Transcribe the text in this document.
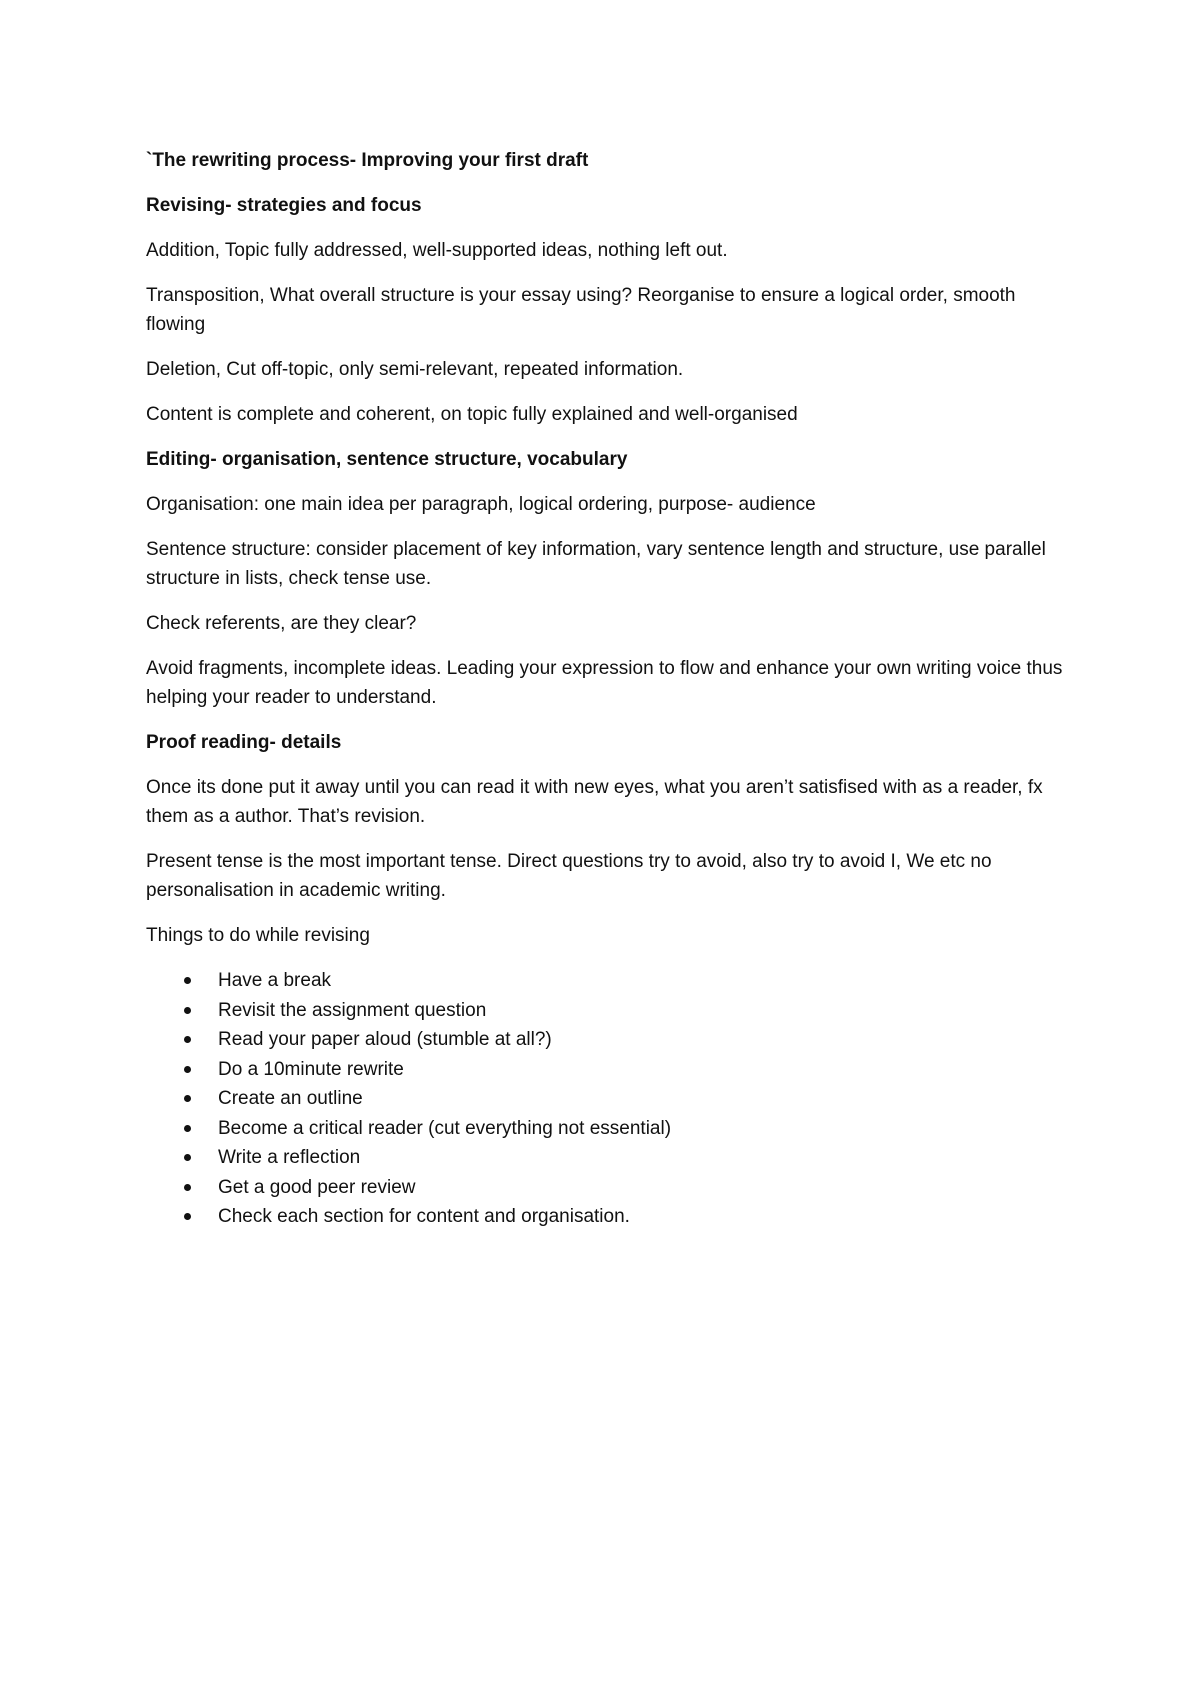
`The rewriting process- Improving your first draft
Revising- strategies and focus
Addition, Topic fully addressed, well-supported ideas, nothing left out.
Transposition, What overall structure is your essay using? Reorganise to ensure a logical order, smooth flowing
Deletion, Cut off-topic, only semi-relevant, repeated information.
Content is complete and coherent, on topic fully explained and well-organised
Editing- organisation, sentence structure, vocabulary
Organisation: one main idea per paragraph, logical ordering, purpose- audience
Sentence structure: consider placement of key information, vary sentence length and structure, use parallel structure in lists, check tense use.
Check referents, are they clear?
Avoid fragments, incomplete ideas. Leading your expression to flow and enhance your own writing voice thus helping your reader to understand.
Proof reading- details
Once its done put it away until you can read it with new eyes, what you aren’t satisfised with as a reader, fx them as a author. That’s revision.
Present tense is the most important tense. Direct questions try to avoid, also try to avoid I, We etc no personalisation in academic writing.
Things to do while revising
Have a break
Revisit the assignment question
Read your paper aloud (stumble at all?)
Do a 10minute rewrite
Create an outline
Become a critical reader (cut everything not essential)
Write a reflection
Get a good peer review
Check each section for content and organisation.
